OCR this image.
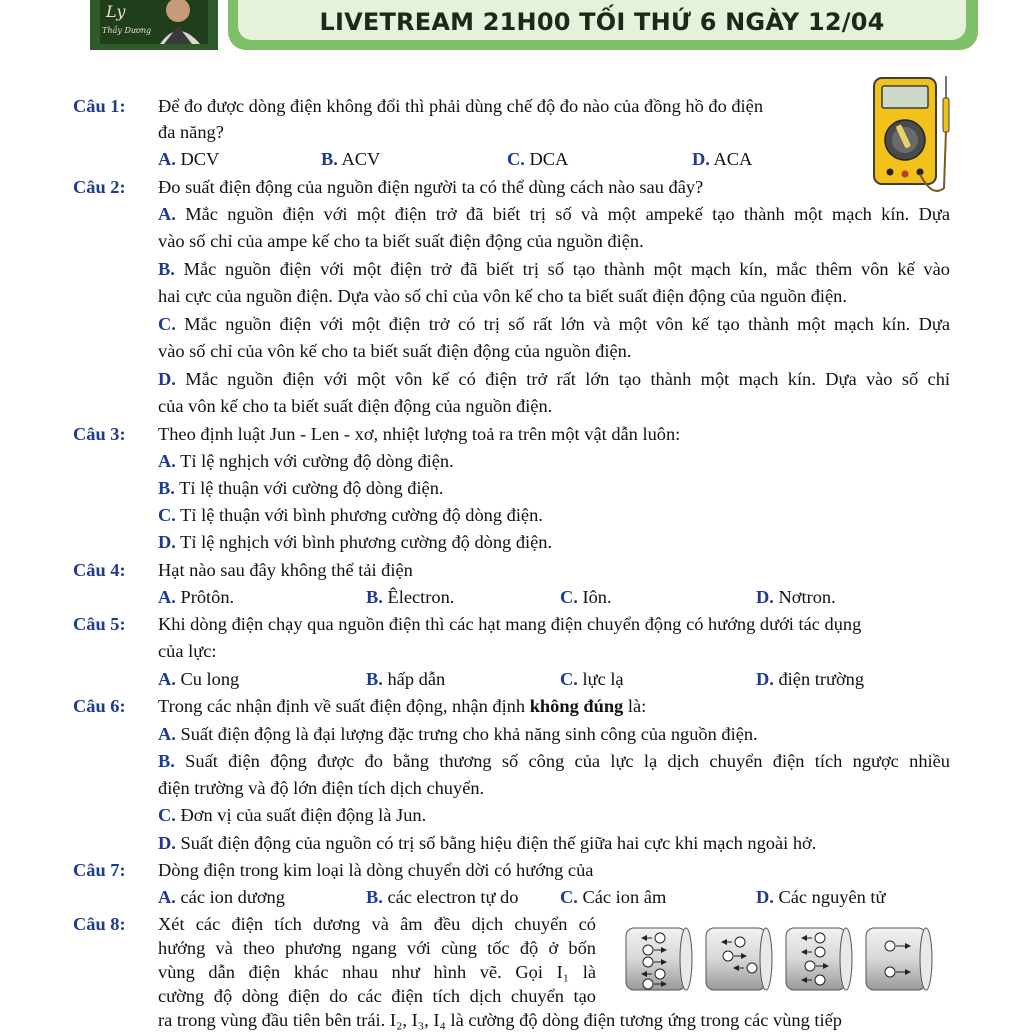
Ly
Thầy Dương	LIVETREAM 21H00 TỐI THỨ 6 NGÀY 12/04
Câu 1: Để đo được dòng điện không đổi thì phải dùng chế độ đo nào của đồng hồ đo điện
đa năng?
A. DCV	B. ACV	C. DCA	D. ACA
Câu 2: Đo suất điện động của nguồn điện người ta có thể dùng cách nào sau đây?
A. Mắc nguồn điện với một điện trở đã biết trị số và một ampekế tạo thành một mạch kín. Dựa
vào số chỉ của ampe kế cho ta biết suất điện động của nguồn điện.
B. Mắc nguồn điện với một điện trở đã biết trị số tạo thành một mạch kín, mắc thêm vôn kế vào
hai cực của nguồn điện. Dựa vào số chỉ của vôn kế cho ta biết suất điện động của nguồn điện.
C. Mắc nguồn điện với một điện trở có trị số rất lớn và một vôn kế tạo thành một mạch kín. Dựa
vào số chỉ của vôn kế cho ta biết suất điện động của nguồn điện.
D. Mắc nguồn điện với một vôn kế có điện trở rất lớn tạo thành một mạch kín. Dựa vào số chỉ
của vôn kế cho ta biết suất điện động của nguồn điện.
Câu 3: Theo định luật Jun - Len - xơ, nhiệt lượng toả ra trên một vật dẫn luôn:
A. Tỉ lệ nghịch với cường độ dòng điện.
B. Tỉ lệ thuận với cường độ dòng điện.
C. Tỉ lệ thuận với bình phương cường độ dòng điện.
D. Tỉ lệ nghịch với bình phương cường độ dòng điện.
Câu 4: Hạt nào sau đây không thể tải điện
A. Prôtôn.	B. Êlectron.	C. Iôn.	D. Nơtron.
Câu 5: Khi dòng điện chạy qua nguồn điện thì các hạt mang điện chuyển động có hướng dưới tác dụng
của lực:
A. Cu long	B. hấp dẫn	C. lực lạ	D. điện trường
Câu 6: Trong các nhận định về suất điện động, nhận định không đúng là:
A. Suất điện động là đại lượng đặc trưng cho khả năng sinh công của nguồn điện.
B. Suất điện động được đo bằng thương số công của lực lạ dịch chuyển điện tích ngược nhiều
điện trường và độ lớn điện tích dịch chuyển.
C. Đơn vị của suất điện động là Jun.
D. Suất điện động của nguồn có trị số bằng hiệu điện thế giữa hai cực khi mạch ngoài hở.
Câu 7: Dòng điện trong kim loại là dòng chuyển dời có hướng của
A. các ion dương	B. các electron tự do C. Các ion âm	D. Các nguyên tử
Câu 8: Xét các điện tích dương và âm đều dịch chuyển có
hướng và theo phương ngang với cùng tốc độ ở bốn
vùng dẫn điện khác nhau như hình vẽ. Gọi I₁ là
cường độ dòng điện do các điện tích dịch chuyển tạo
ra trong vùng đầu tiên bên trái. I₂, I₃, I₄ là cường độ dòng điện tương ứng trong các vùng tiếp
